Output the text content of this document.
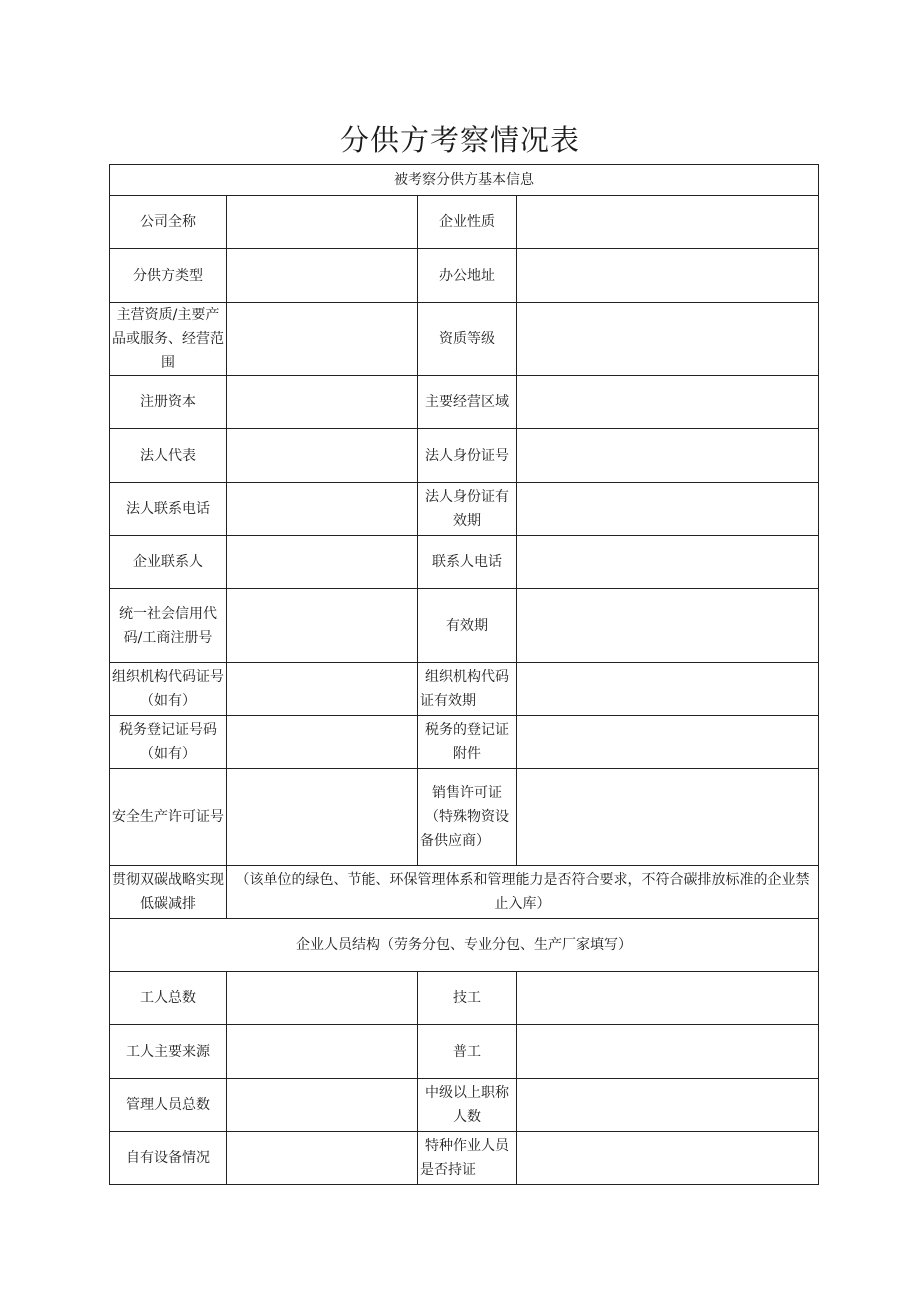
分供方考察情况表
被考察分供方基本信息			
公司全称		企业性质	
分供方类型		办公地址	
主营资质/主要产品或服务、经营范围		资质等级	
注册资本		主要经营区域	
法人代表		法人身份证号	
法人联系电话		法人身份证有效期	
企业联系人		联系人电话	
统一社会信用代码/工商注册号		有效期	
组织机构代码证号（如有）		组织机构代码证有效期	
税务登记证号码（如有）		税务的登记证附件	
安全生产许可证号		销售许可证（特殊物资设备供应商）	
贯彻双碳战略实现低碳减排	（该单位的绿色、节能、环保管理体系和管理能力是否符合要求，不符合碳排放标准的企业禁止入库）		
企业人员结构（劳务分包、专业分包、生产厂家填写）			
工人总数		技工	
工人主要来源		普工	
管理人员总数		中级以上职称人数	
自有设备情况		特种作业人员是否持证	
